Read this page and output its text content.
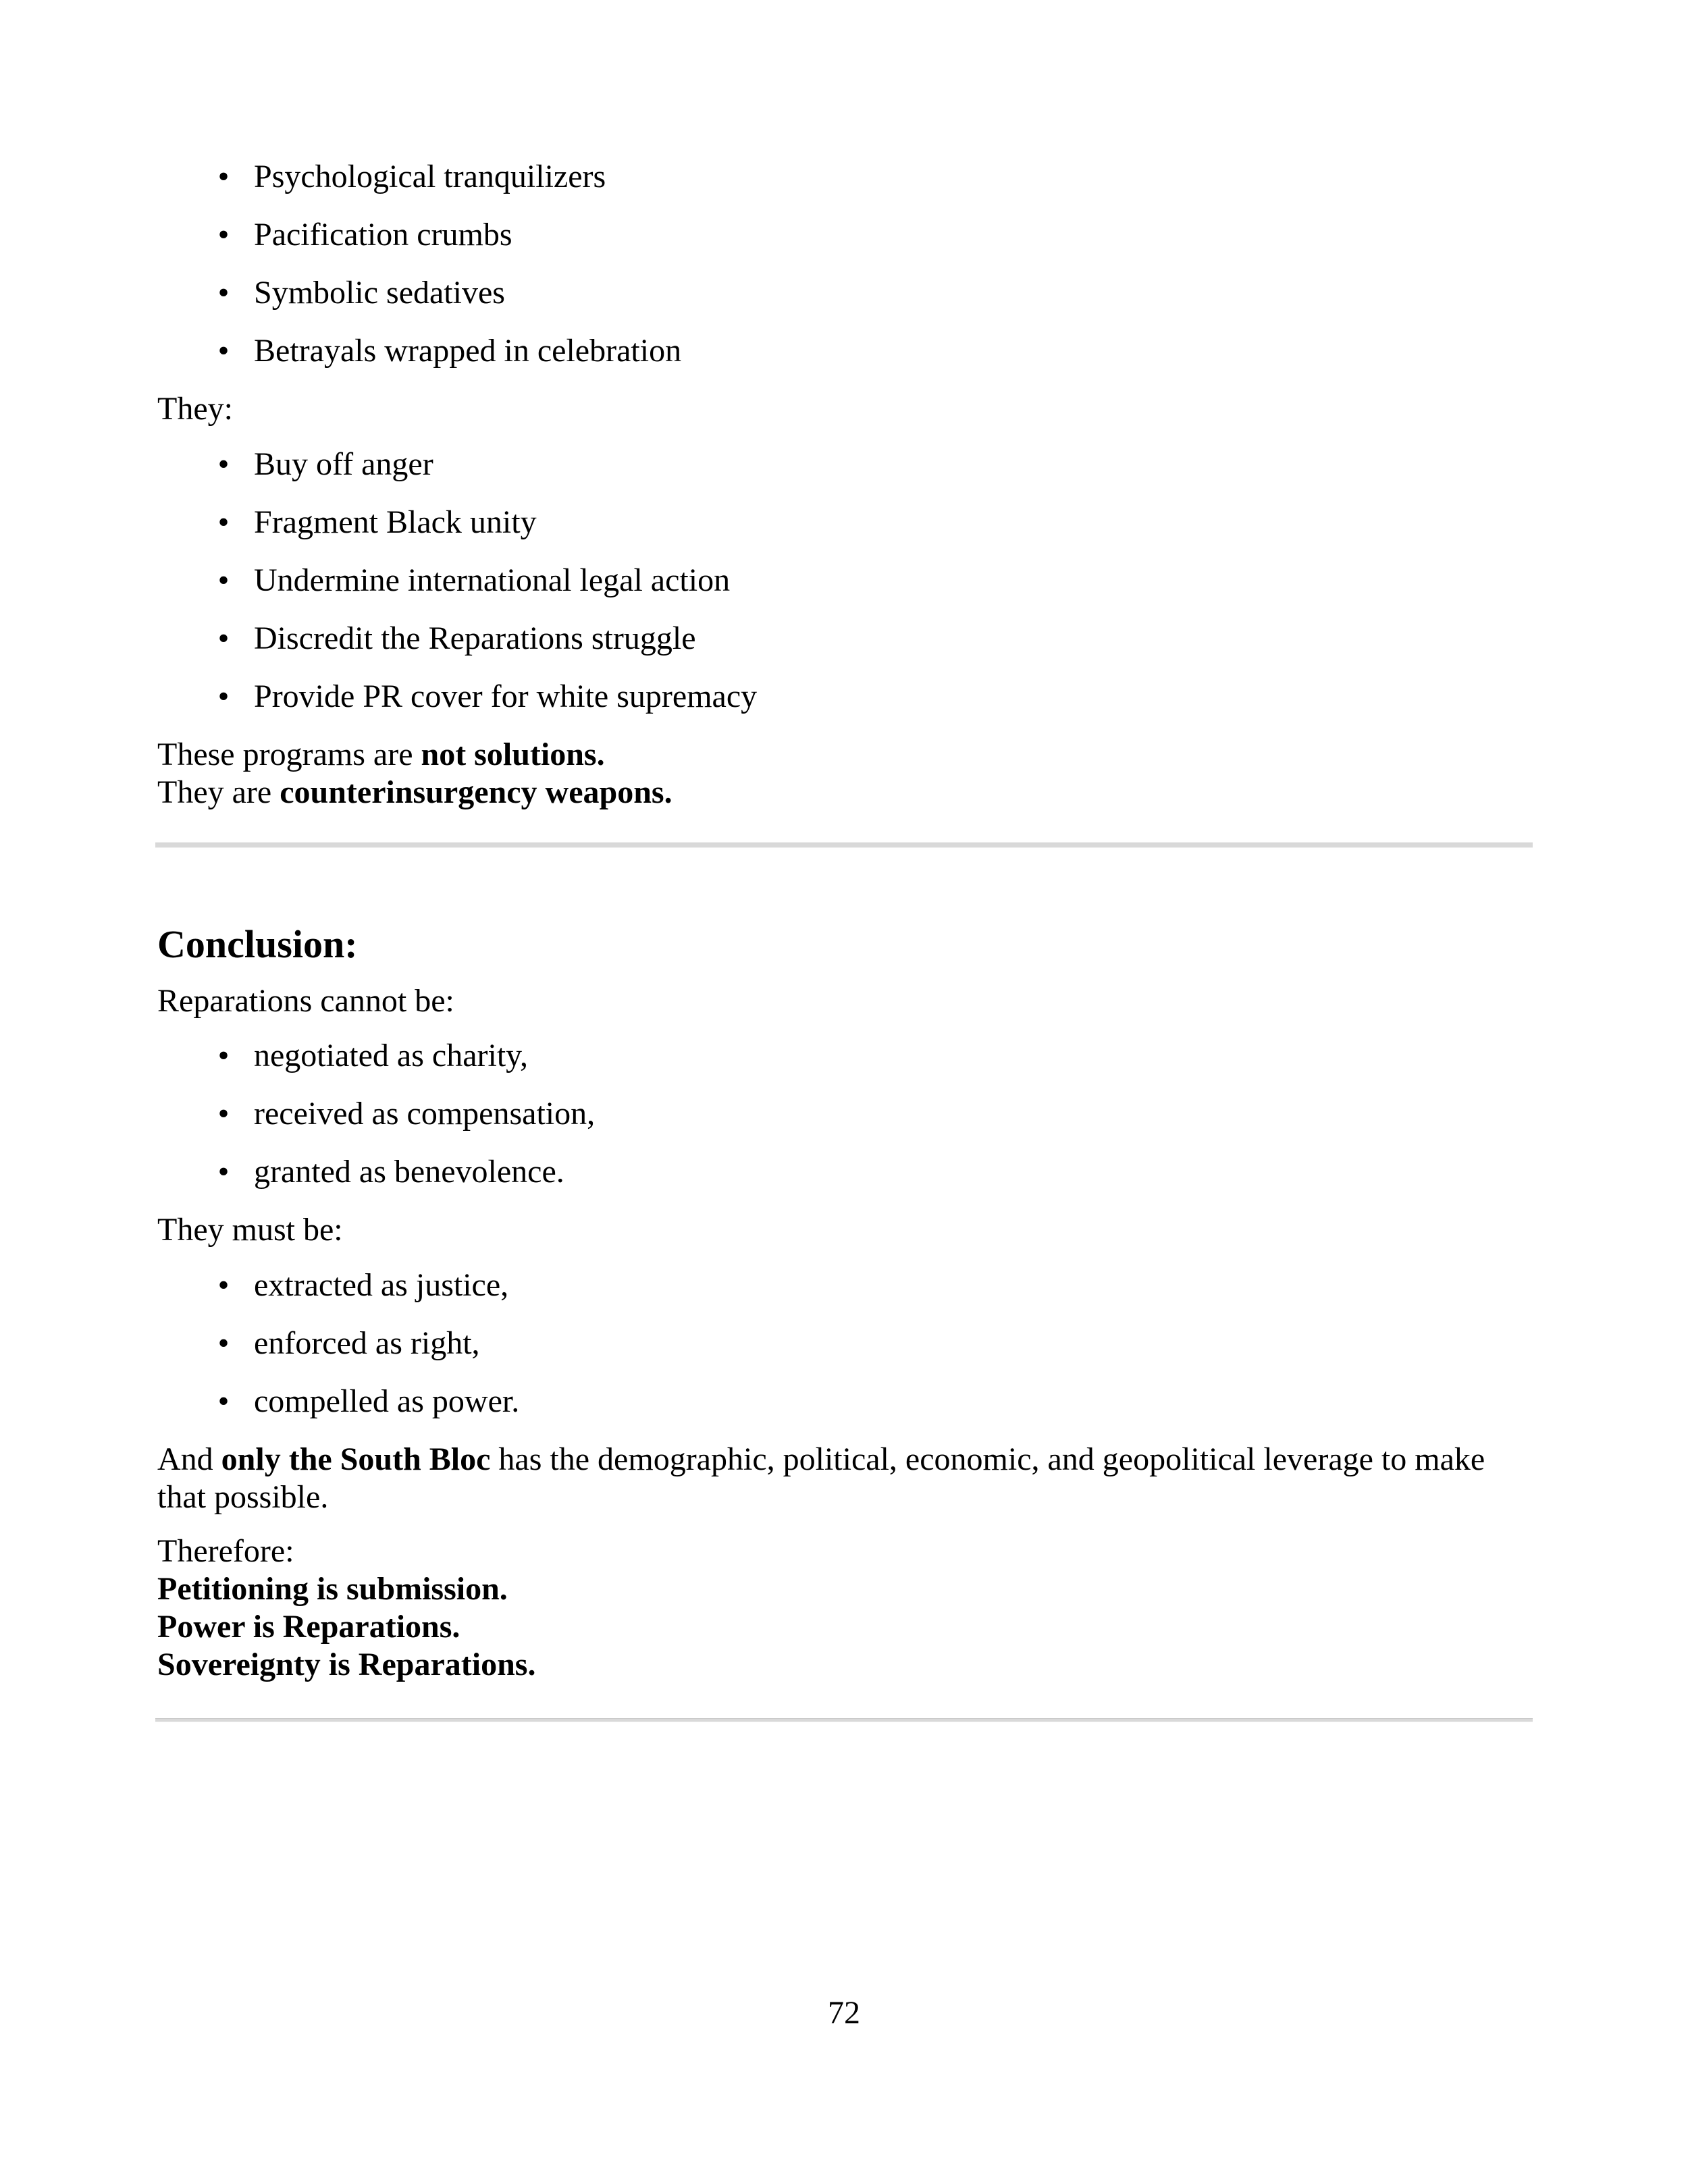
• Psychological tranquilizers
• Pacification crumbs
• Symbolic sedatives
• Betrayals wrapped in celebration
They:
• Buy off anger
• Fragment Black unity
• Undermine international legal action
• Discredit the Reparations struggle
• Provide PR cover for white supremacy
These programs are not solutions.
They are counterinsurgency weapons.
Conclusion:
Reparations cannot be:
• negotiated as charity,
• received as compensation,
• granted as benevolence.
They must be:
• extracted as justice,
• enforced as right,
• compelled as power.
And only the South Bloc has the demographic, political, economic, and geopolitical leverage to make that possible.
Therefore:
Petitioning is submission.
Power is Reparations.
Sovereignty is Reparations.
72
